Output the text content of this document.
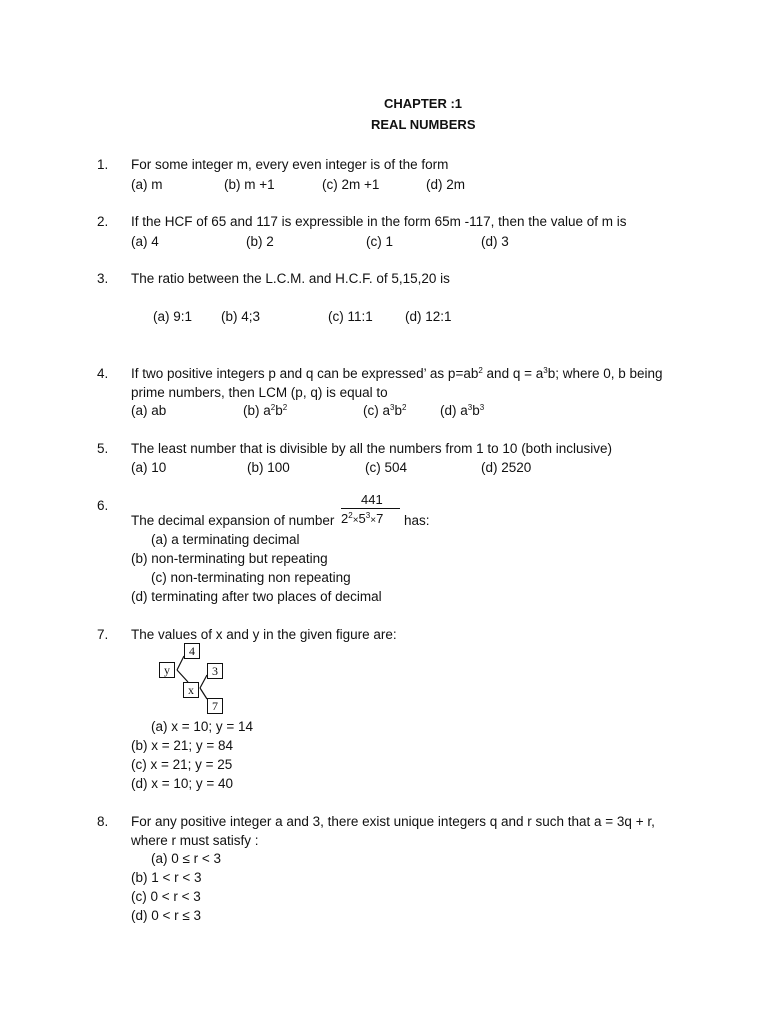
CHAPTER :1
REAL NUMBERS
1. For some integer m, every even integer is of the form
(a) m	(b) m +1	(c) 2m +1	(d) 2m
2. If the HCF of 65 and 117 is expressible in the form 65m -117, then the value of m is
(a) 4	(b) 2	(c) 1	(d) 3
3. The ratio between the L.C.M. and H.C.F. of 5,15,20 is
(a) 9:1 (b) 4;3	(c) 11:1 (d) 12:1
4. If two positive integers p and q can be expressed’ as $p=ab^2$ and $q = a^3b$; where 0, b being
prime numbers, then LCM (p, q) is equal to
(a) ab	(b) $a^2b^2$	(c) $a^3b^2$ (d) $a^3b^3$
5. The least number that is divisible by all the numbers from 1 to 10 (both inclusive)
(a) 10	(b) 100	(c) 504	(d) 2520
6.
The decimal expansion of number
441
$2^2\times 5^3\times 7$ has:
(a) a terminating decimal
(b) non-terminating but repeating
(c) non-terminating non repeating
(d) terminating after two places of decimal
7. The values of x and y in the given figure are:
4
y	3
x
7
(a) x = 10; y = 14
(b) x = 21; y = 84
(c) x = 21; y = 25
(d) x = 10; y = 40
8. For any positive integer a and 3, there exist unique integers q and r such that a = 3q + r,
where r must satisfy :
(a) 0 ≤ r < 3
(b) 1 < r < 3
(c) 0 < r < 3
(d) 0 < r ≤ 3
